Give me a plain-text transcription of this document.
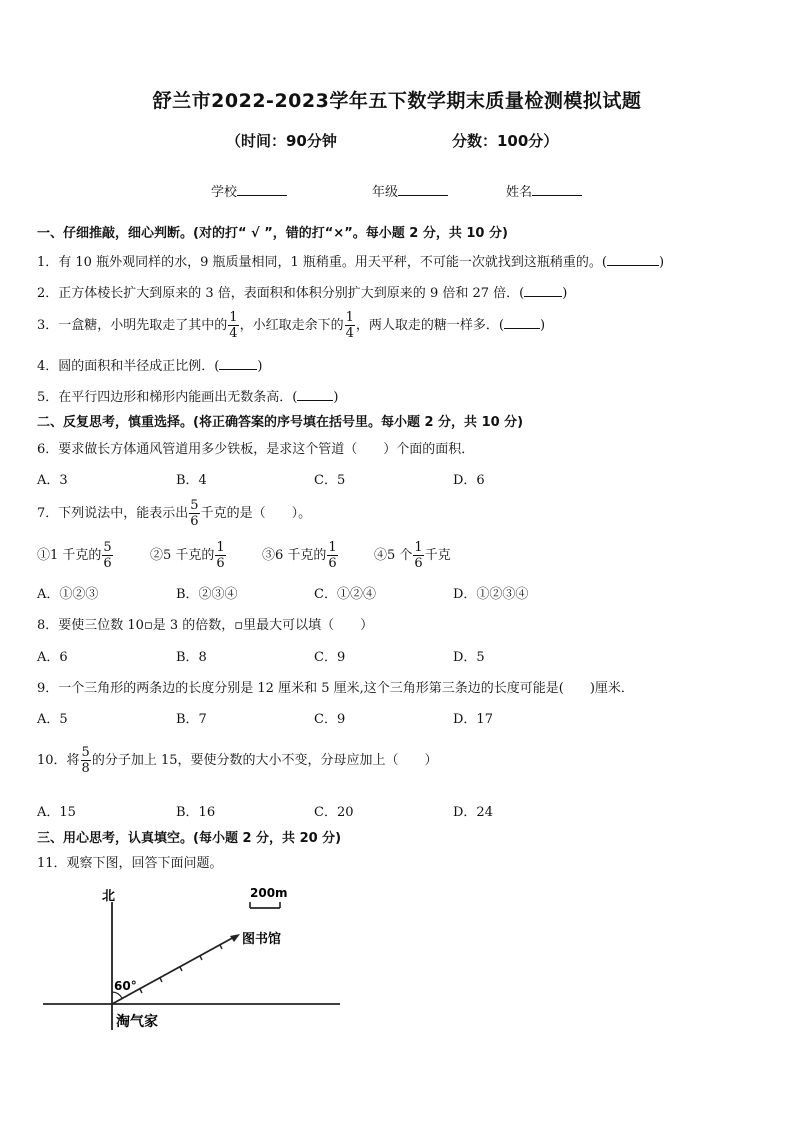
舒兰市2022-2023学年五下数学期末质量检测模拟试题
（时间：90分钟	分数：100分）
学校	年级	姓名
一、仔细推敲，细心判断。(对的打“ √ ”，错的打“×”。每小题 2 分，共 10 分)
1．有 10 瓶外观同样的水，9 瓶质量相同，1 瓶稍重。用天平秤，不可能一次就找到这瓶稍重的。(	)
2．正方体棱长扩大到原来的 3 倍，表面积和体积分别扩大到原来的 9 倍和 27 倍．(	)
3．一盒糖，小明先取走了其中的 $\frac{1}{4}$ ，小红取走余下的 $\frac{1}{4}$ ，两人取走的糖一样多．(	)
4．圆的面积和半径成正比例．(	)
5．在平行四边形和梯形内能画出无数条高．(	)
二、反复思考，慎重选择。(将正确答案的序号填在括号里。每小题 2 分，共 10 分)
6．要求做长方体通风管道用多少铁板，是求这个管道（　　）个面的面积．
A．3	B．4	C．5	D．6
7．下列说法中，能表示出 $\frac{5}{6}$ 千克的是（　　）。
①1 千克的 $\frac{5}{6}$	②5 千克的 $\frac{1}{6}$	③6 千克的 $\frac{1}{6}$	④5 个 $\frac{1}{6}$ 千克
A．①②③	B．②③④	C．①②④	D．①②③④
8．要使三位数 10▫是 3 的倍数，▫里最大可以填（　　）
A．6	B．8	C．9	D．5
9．一个三角形的两条边的长度分别是 12 厘米和 5 厘米,这个三角形第三条边的长度可能是(　　)厘米．
A．5	B．7	C．9	D．17
10．将 $\frac{5}{8}$ 的分子加上 15，要使分数的大小不变，分母应加上（　　）
A．15	B．16	C．20	D．24
三、用心思考，认真填空。(每小题 2 分，共 20 分)
11．观察下图，回答下面问题。
北	200m
图书馆
60°
淘气家
